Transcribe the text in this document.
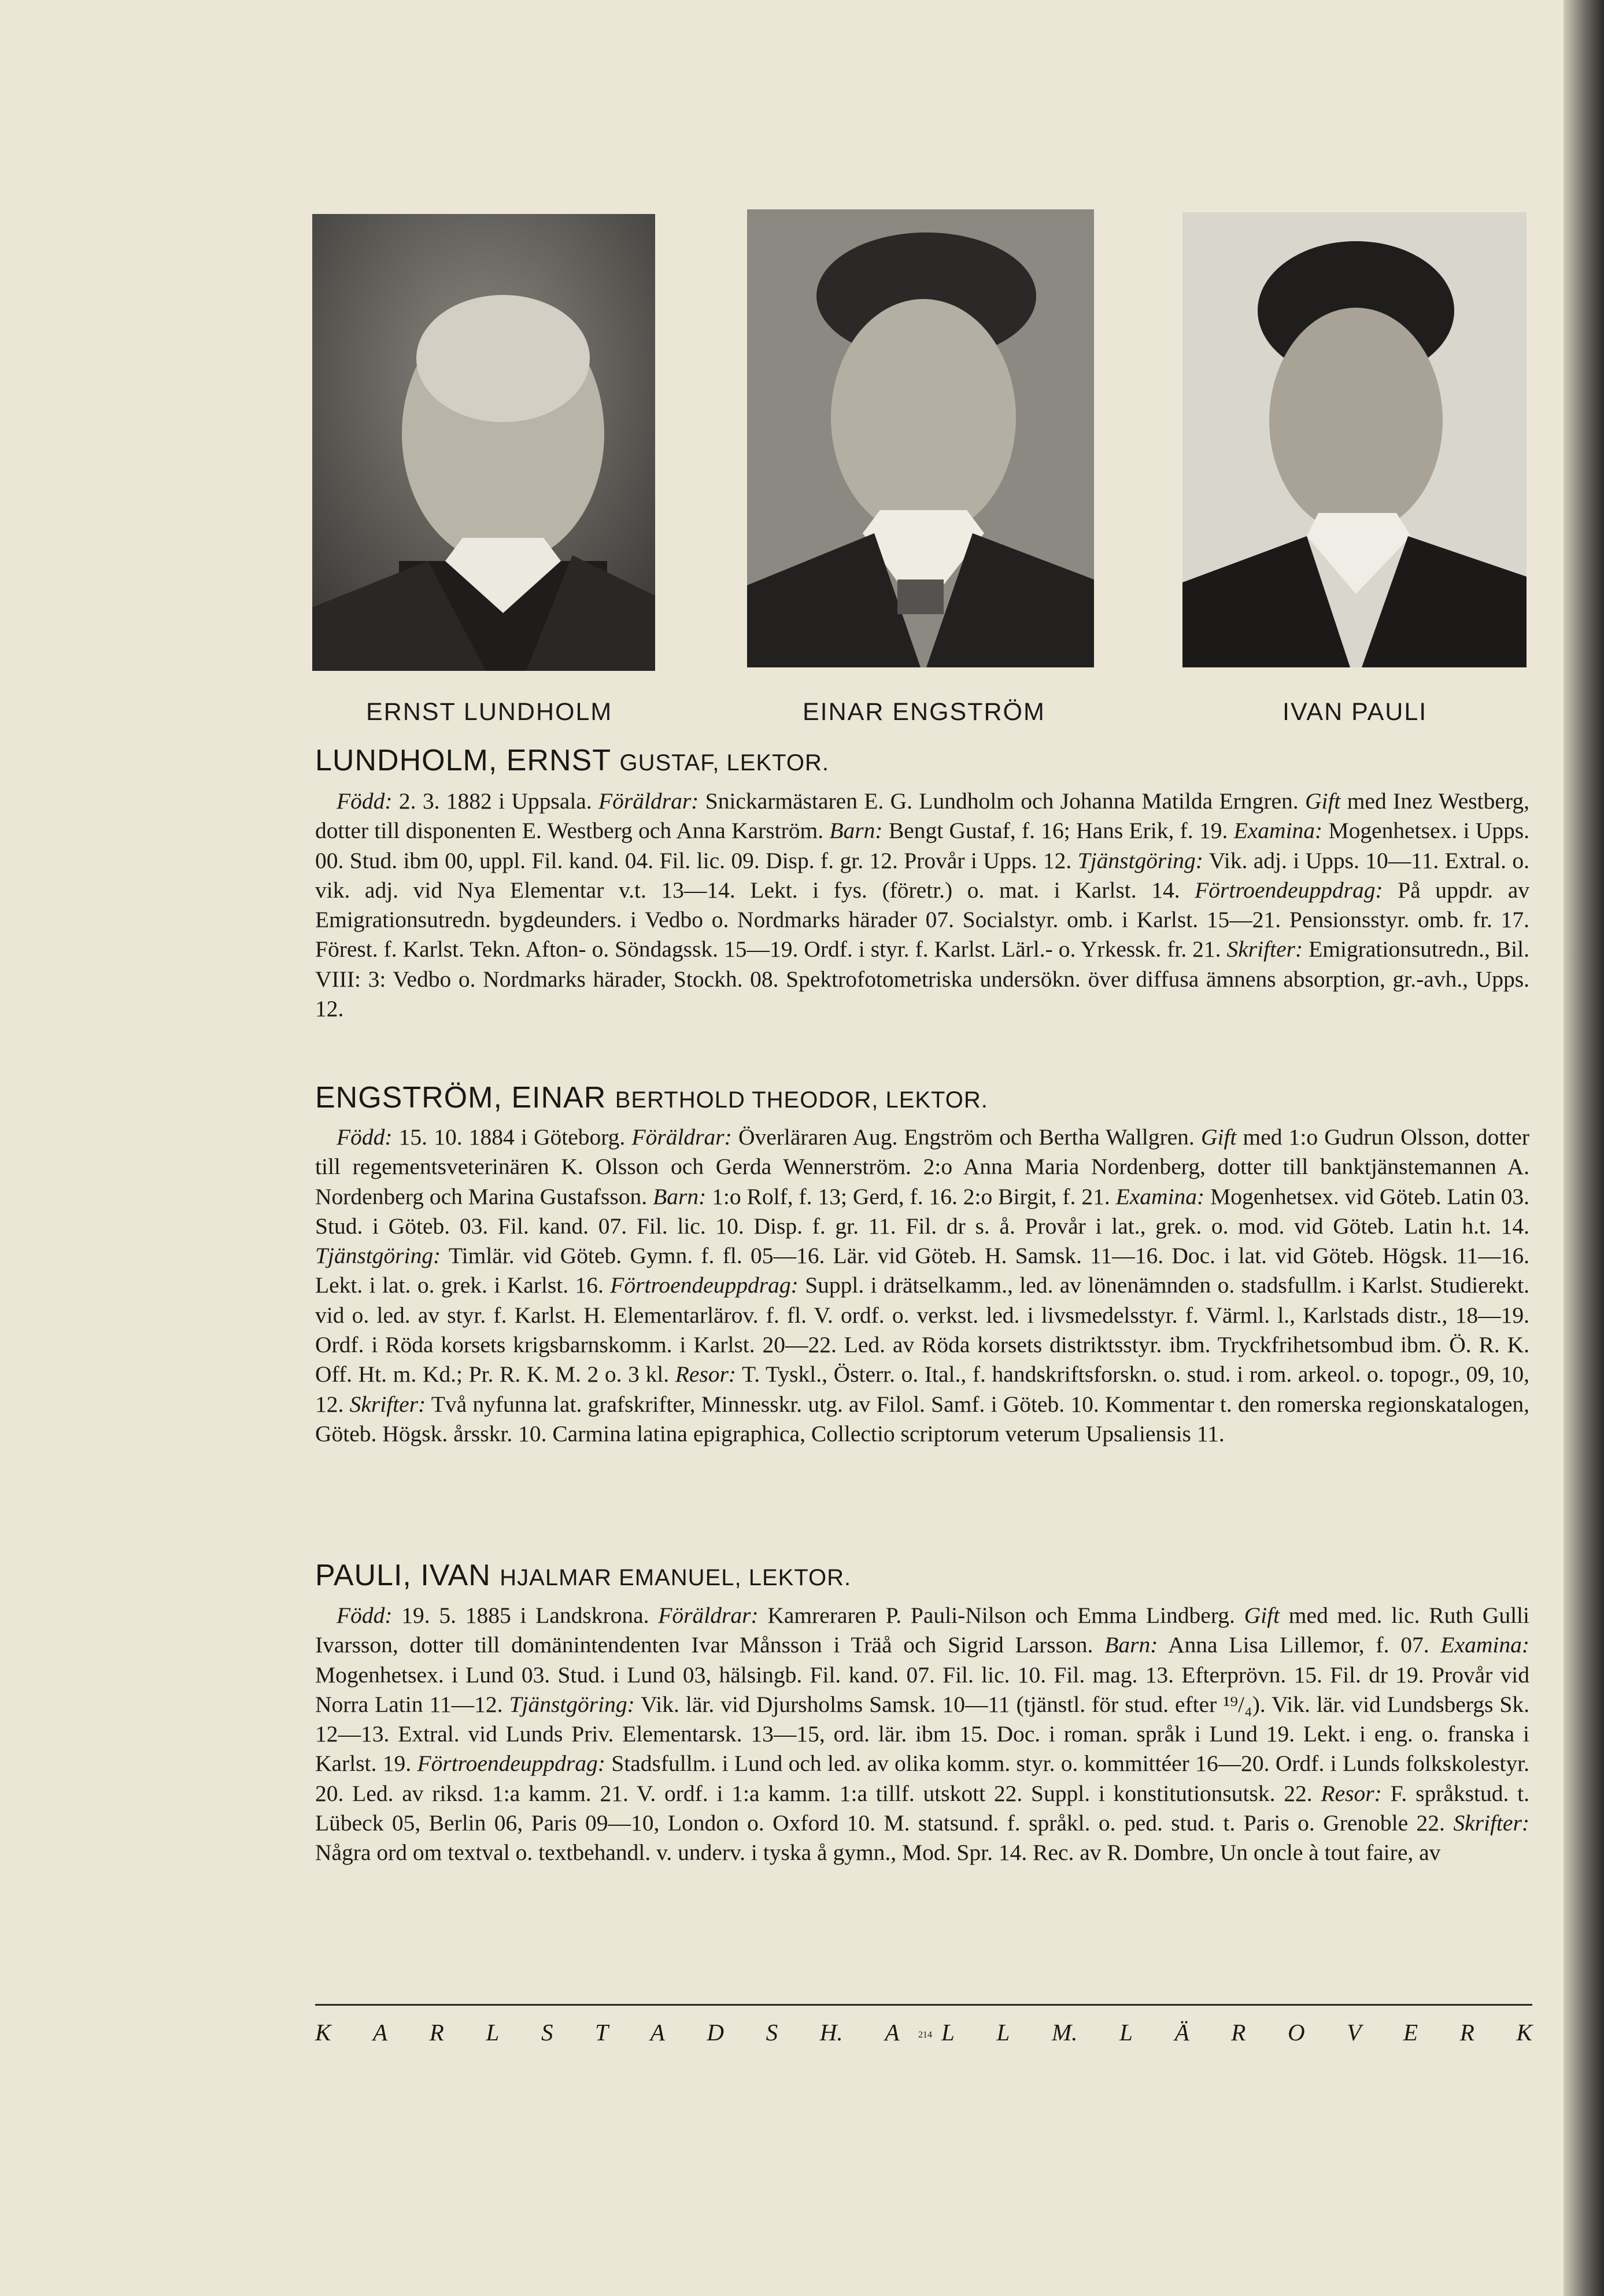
ERNST LUNDHOLM	EINAR ENGSTRÖM	IVAN PAULI
LUNDHOLM, ERNST GUSTAF, LEKTOR.
Född: 2. 3. 1882 i Uppsala. Föräldrar: Snickarmästaren E. G. Lundholm och Johanna Matilda Erngren. Gift med Inez Westberg, dotter till disponenten E. Westberg och Anna Karström. Barn: Bengt Gustaf, f. 16; Hans Erik, f. 19. Examina: Mogenhetsex. i Upps. 00. Stud. ibm 00, uppl. Fil. kand. 04. Fil. lic. 09. Disp. f. gr. 12. Provår i Upps. 12. Tjänstgöring: Vik. adj. i Upps. 10—11. Extral. o. vik. adj. vid Nya Elementar v.t. 13—14. Lekt. i fys. (företr.) o. mat. i Karlst. 14. Förtroendeuppdrag: På uppdr. av Emigrationsutredn. bygdeunders. i Vedbo o. Nordmarks härader 07. Socialstyr. omb. i Karlst. 15—21. Pensionsstyr. omb. fr. 17. Förest. f. Karlst. Tekn. Afton- o. Söndagssk. 15—19. Ordf. i styr. f. Karlst. Lärl.- o. Yrkessk. fr. 21. Skrifter: Emigrationsutredn., Bil. VIII: 3: Vedbo o. Nordmarks härader, Stockh. 08. Spektrofotometriska undersökn. över diffusa ämnens absorption, gr.-avh., Upps. 12.
ENGSTRÖM, EINAR BERTHOLD THEODOR, LEKTOR.
Född: 15. 10. 1884 i Göteborg. Föräldrar: Överläraren Aug. Engström och Bertha Wallgren. Gift med 1:o Gudrun Olsson, dotter till regementsveterinären K. Olsson och Gerda Wennerström. 2:o Anna Maria Nordenberg, dotter till banktjänstemannen A. Nordenberg och Marina Gustafsson. Barn: 1:o Rolf, f. 13; Gerd, f. 16. 2:o Birgit, f. 21. Examina: Mogenhetsex. vid Göteb. Latin 03. Stud. i Göteb. 03. Fil. kand. 07. Fil. lic. 10. Disp. f. gr. 11. Fil. dr s. å. Provår i lat., grek. o. mod. vid Göteb. Latin h.t. 14. Tjänstgöring: Timlär. vid Göteb. Gymn. f. fl. 05—16. Lär. vid Göteb. H. Samsk. 11—16. Doc. i lat. vid Göteb. Högsk. 11—16. Lekt. i lat. o. grek. i Karlst. 16. Förtroendeuppdrag: Suppl. i drätselkamm., led. av lönenämnden o. stadsfullm. i Karlst. Studierekt. vid o. led. av styr. f. Karlst. H. Elementarlärov. f. fl. V. ordf. o. verkst. led. i livsmedelsstyr. f. Värml. l., Karlstads distr., 18—19. Ordf. i Röda korsets krigsbarnskomm. i Karlst. 20—22. Led. av Röda korsets distriktsstyr. ibm. Tryckfrihetsombud ibm. Ö. R. K. Off. Ht. m. Kd.; Pr. R. K. M. 2 o. 3 kl. Resor: T. Tyskl., Österr. o. Ital., f. handskriftsforskn. o. stud. i rom. arkeol. o. topogr., 09, 10, 12. Skrifter: Två nyfunna lat. grafskrifter, Minnesskr. utg. av Filol. Samf. i Göteb. 10. Kommentar t. den romerska regionskatalogen, Göteb. Högsk. årsskr. 10. Carmina latina epigraphica, Collectio scriptorum veterum Upsaliensis 11.
PAULI, IVAN HJALMAR EMANUEL, LEKTOR.
Född: 19. 5. 1885 i Landskrona. Föräldrar: Kamreraren P. Pauli-Nilson och Emma Lindberg. Gift med med. lic. Ruth Gulli Ivarsson, dotter till domänintendenten Ivar Månsson i Träå och Sigrid Larsson. Barn: Anna Lisa Lillemor, f. 07. Examina: Mogenhetsex. i Lund 03. Stud. i Lund 03, hälsingb. Fil. kand. 07. Fil. lic. 10. Fil. mag. 13. Efterprövn. 15. Fil. dr 19. Provår vid Norra Latin 11—12. Tjänstgöring: Vik. lär. vid Djursholms Samsk. 10—11 (tjänstl. för stud. efter ¹⁹/₄). Vik. lär. vid Lundsbergs Sk. 12—13. Extral. vid Lunds Priv. Elementarsk. 13—15, ord. lär. ibm 15. Doc. i roman. språk i Lund 19. Lekt. i eng. o. franska i Karlst. 19. Förtroendeuppdrag: Stadsfullm. i Lund och led. av olika komm. styr. o. kommittéer 16—20. Ordf. i Lunds folkskolestyr. 20. Led. av riksd. 1:a kamm. 21. V. ordf. i 1:a kamm. 1:a tillf. utskott 22. Suppl. i konstitutionsutsk. 22. Resor: F. språkstud. t. Lübeck 05, Berlin 06, Paris 09—10, London o. Oxford 10. M. statsund. f. språkl. o. ped. stud. t. Paris o. Grenoble 22. Skrifter: Några ord om textval o. textbehandl. v. underv. i tyska å gymn., Mod. Spr. 14. Rec. av R. Dombre, Un oncle à tout faire, av
K A R L S T A D S H. A L L M. L Ä R O V E R K
214
